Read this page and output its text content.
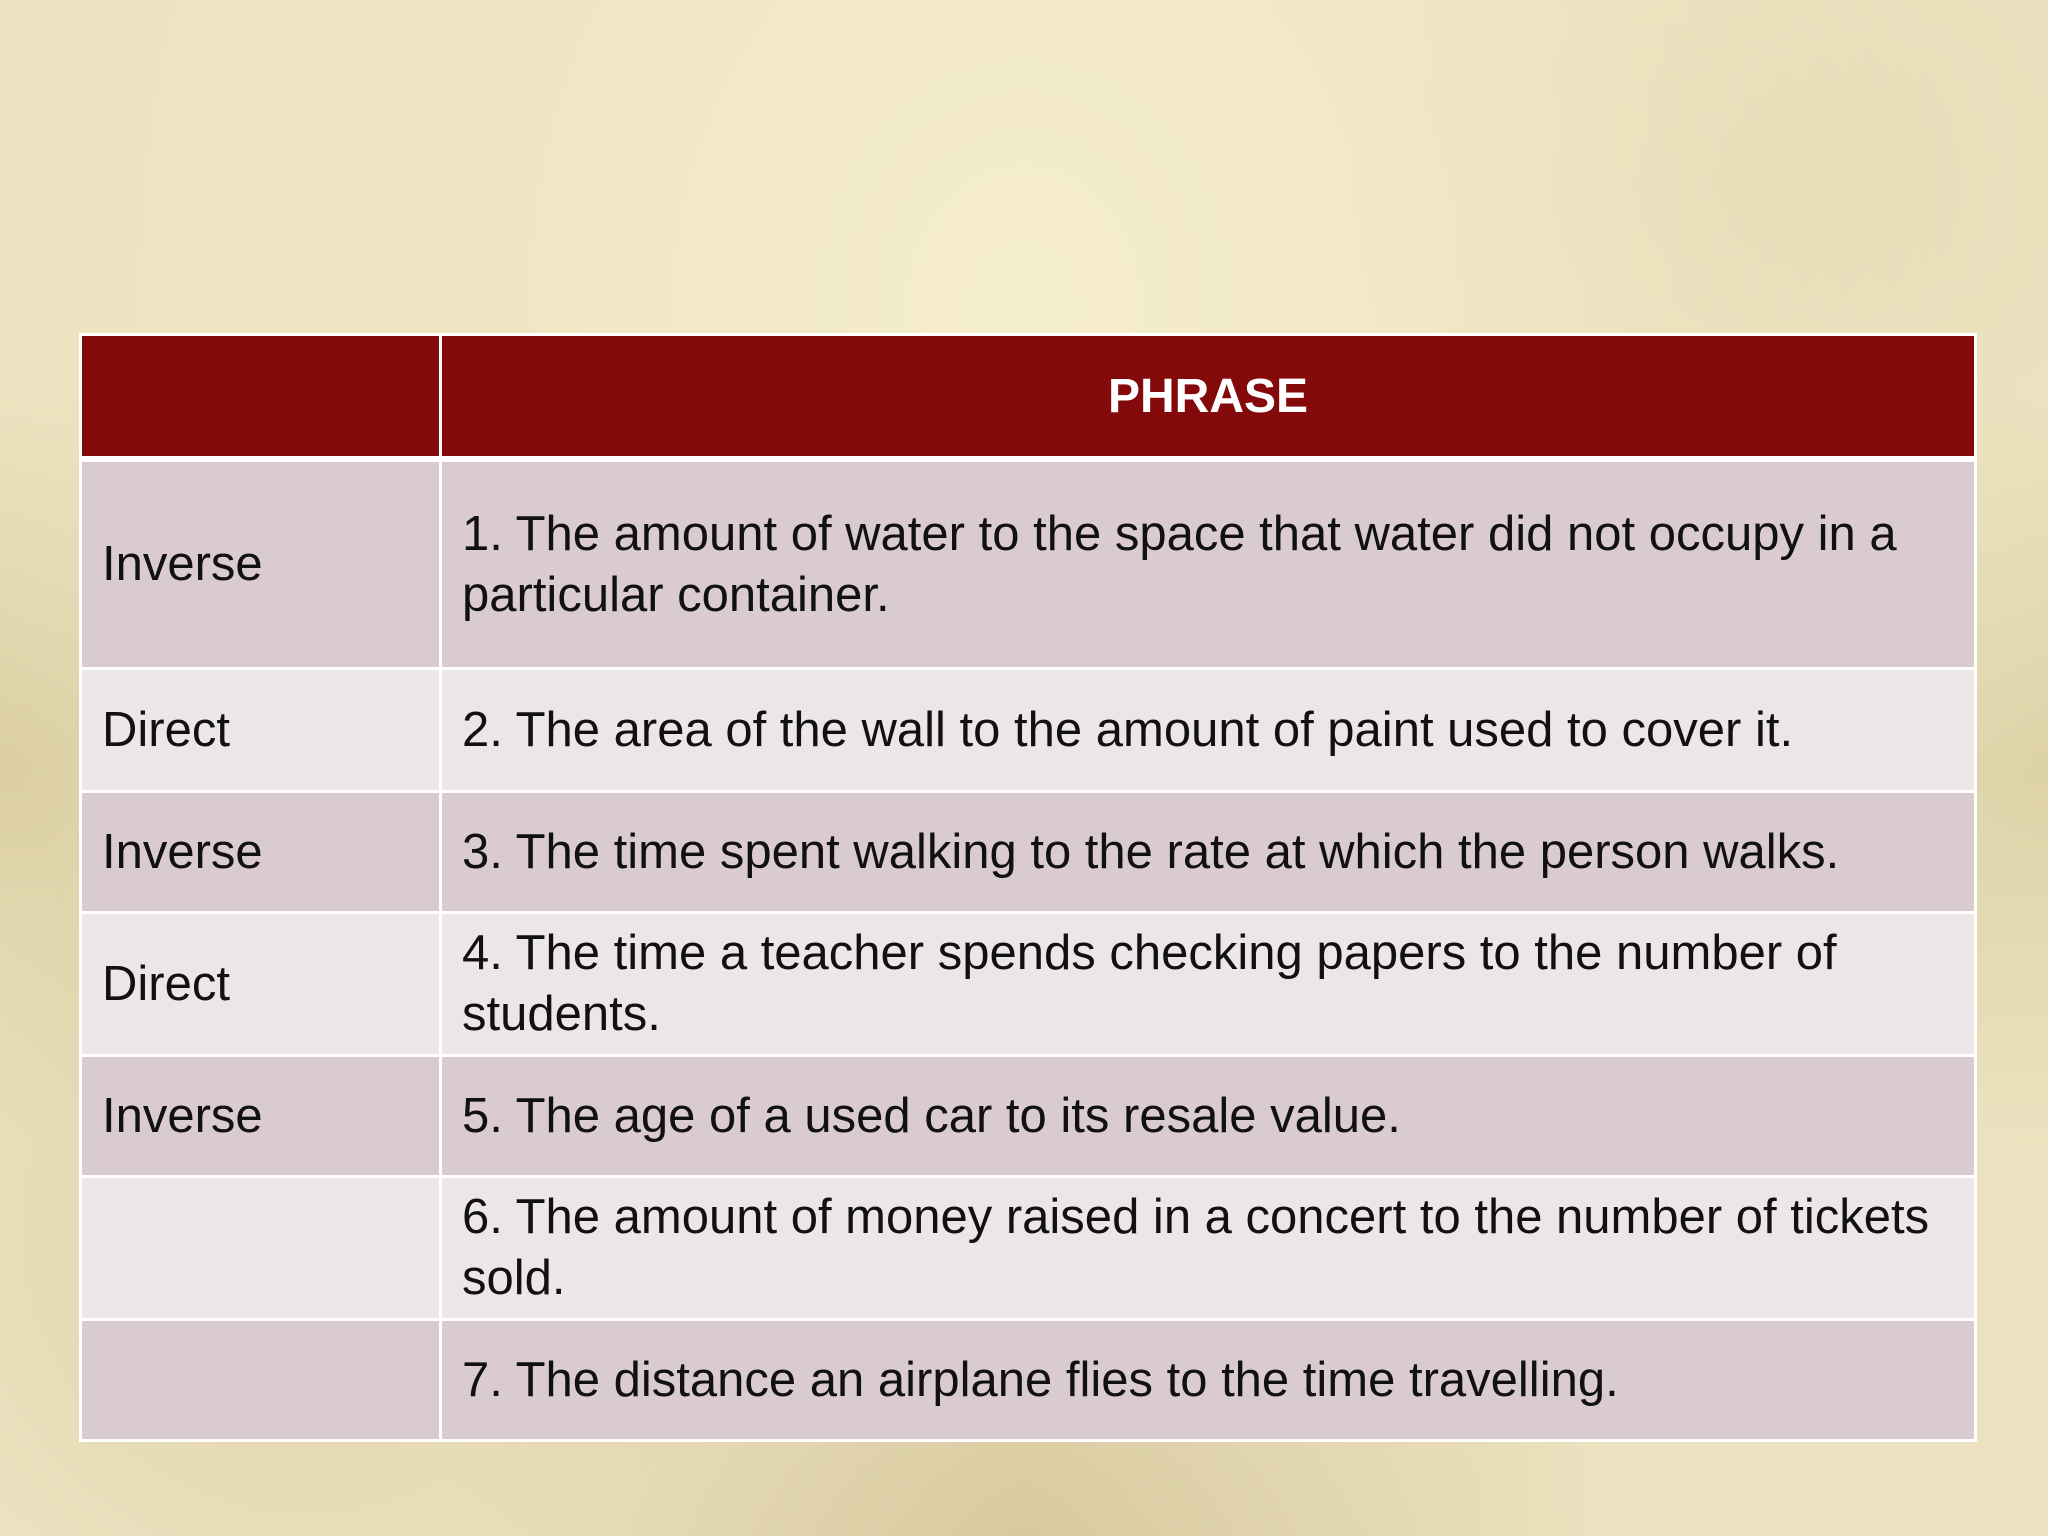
	PHRASE
Inverse	1. The amount of water to the space that water did not occupy in a particular container.
Direct	2. The area of the wall to the amount of paint used to cover it.
Inverse	3. The time spent walking to the rate at which the person walks.
Direct	4. The time a teacher spends checking papers to the number of students.
Inverse	5. The age of a used car to its resale value.
	6. The amount of money raised in a concert to the number of tickets sold.
	7. The distance an airplane flies to the time travelling.
